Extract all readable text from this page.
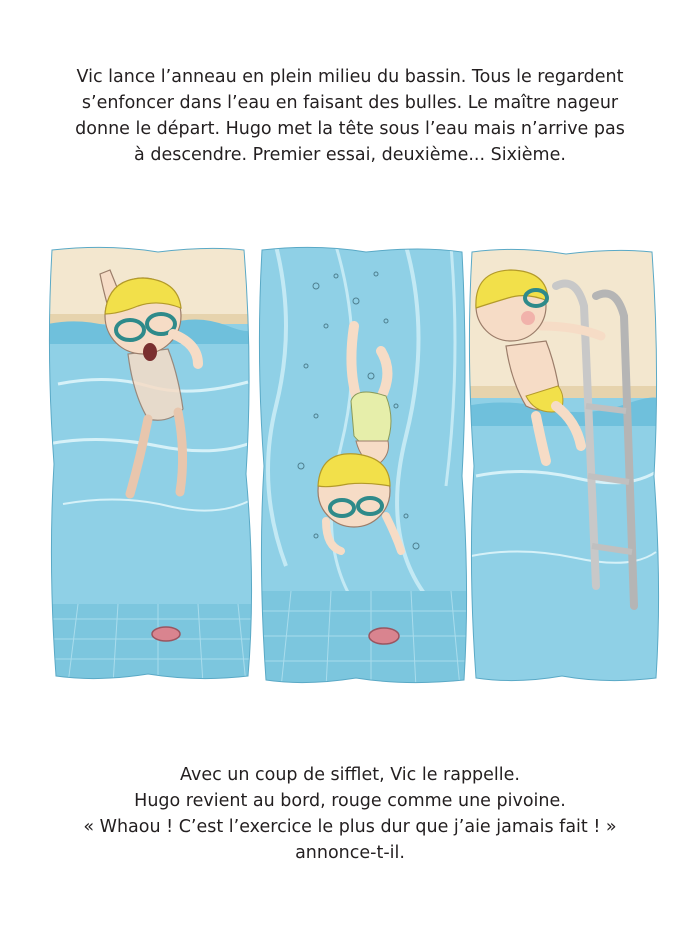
Vic lance l’anneau en plein milieu du bassin. Tous le regardent
s’enfoncer dans l’eau en faisant des bulles. Le maître nageur
donne le départ. Hugo met la tête sous l’eau mais n’arrive pas
à descendre. Premier essai, deuxième... Sixième.
Avec un coup de sifflet, Vic le rappelle.
Hugo revient au bord, rouge comme une pivoine.
« Whaou ! C’est l’exercice le plus dur que j’aie jamais fait ! »
annonce-t-il.
